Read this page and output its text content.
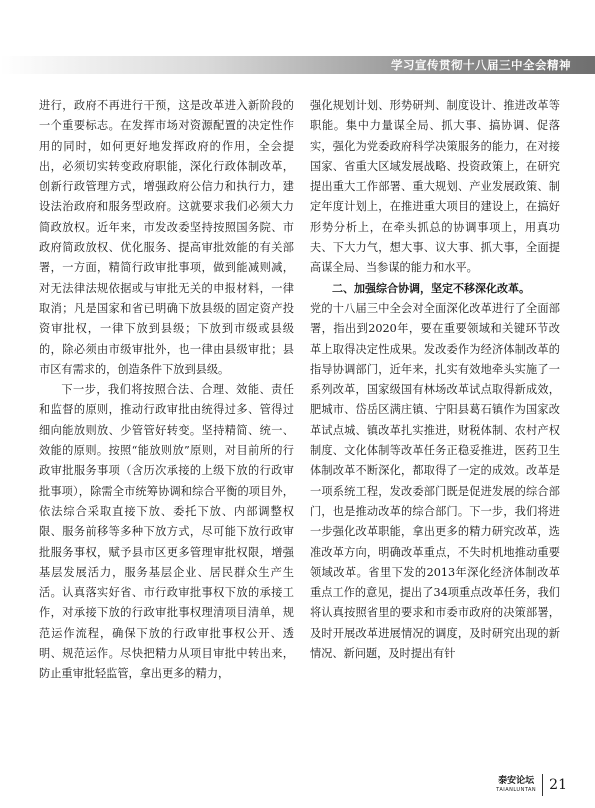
学习宣传贯彻十八届三中全会精神

进行，政府不再进行干预，这是改革进入新阶段的一个重要标志。在发挥市场对资源配置的决定性作用的同时，如何更好地发挥政府的作用，全会提出，必须切实转变政府职能，深化行政体制改革，创新行政管理方式，增强政府公信力和执行力，建设法治政府和服务型政府。这就要求我们必须大力简政放权。近年来，市发改委坚持按照国务院、市政府简政放权、优化服务、提高审批效能的有关部署，一方面，精简行政审批事项，做到能减则减，对无法律法规依据或与审批无关的申报材料，一律取消；凡是国家和省已明确下放县级的固定资产投资审批权，一律下放到县级；下放到市级或县级的，除必须由市级审批外，也一律由县级审批；县市区有需求的，创造条件下放到县级。

下一步，我们将按照合法、合理、效能、责任和监督的原则，推动行政审批由统得过多、管得过细向能放则放、少管管好转变。坚持精简、统一、效能的原则。按照“能放则放”原则，对目前所的行政审批服务事项（含历次承接的上级下放的行政审批事项），除需全市统筹协调和综合平衡的项目外，依法综合采取直接下放、委托下放、内部调整权限、服务前移等多种下放方式，尽可能下放行政审批服务事权，赋予县市区更多管理审批权限，增强基层发展活力，服务基层企业、居民群众生产生活。认真落实好省、市行政审批事权下放的承接工作，对承接下放的行政审批事权理清项目清单，规范运作流程，确保下放的行政审批事权公开、透明、规范运作。尽快把精力从项目审批中转出来，防止重审批轻监管，拿出更多的精力，

强化规划计划、形势研判、制度设计、推进改革等职能。集中力量谋全局、抓大事、搞协调、促落实，强化为党委政府科学决策服务的能力，在对接国家、省重大区域发展战略、投资政策上，在研究提出重大工作部署、重大规划、产业发展政策、制定年度计划上，在推进重大项目的建设上，在搞好形势分析上，在牵头抓总的协调事项上，用真功夫、下大力气，想大事、议大事、抓大事，全面提高谋全局、当参谋的能力和水平。

二、加强综合协调，坚定不移深化改革。

党的十八届三中全会对全面深化改革进行了全面部署，指出到2020年，要在重要领域和关键环节改革上取得决定性成果。发改委作为经济体制改革的指导协调部门，近年来，扎实有效地牵头实施了一系列改革，国家级国有林场改革试点取得新成效，肥城市、岱岳区满庄镇、宁阳县葛石镇作为国家改革试点城、镇改革扎实推进，财税体制、农村产权制度、文化体制等改革任务正稳妥推进，医药卫生体制改革不断深化，都取得了一定的成效。改革是一项系统工程，发改委部门既是促进发展的综合部门，也是推动改革的综合部门。下一步，我们将进一步强化改革职能，拿出更多的精力研究改革，选准改革方向，明确改革重点，不失时机地推动重要领域改革。省里下发的2013年深化经济体制改革重点工作的意见，提出了34项重点改革任务，我们将认真按照省里的要求和市委市政府的决策部署，及时开展改革进展情况的调度，及时研究出现的新情况、新问题，及时提出有针

泰安论坛
TAIANLUNTAN 21
